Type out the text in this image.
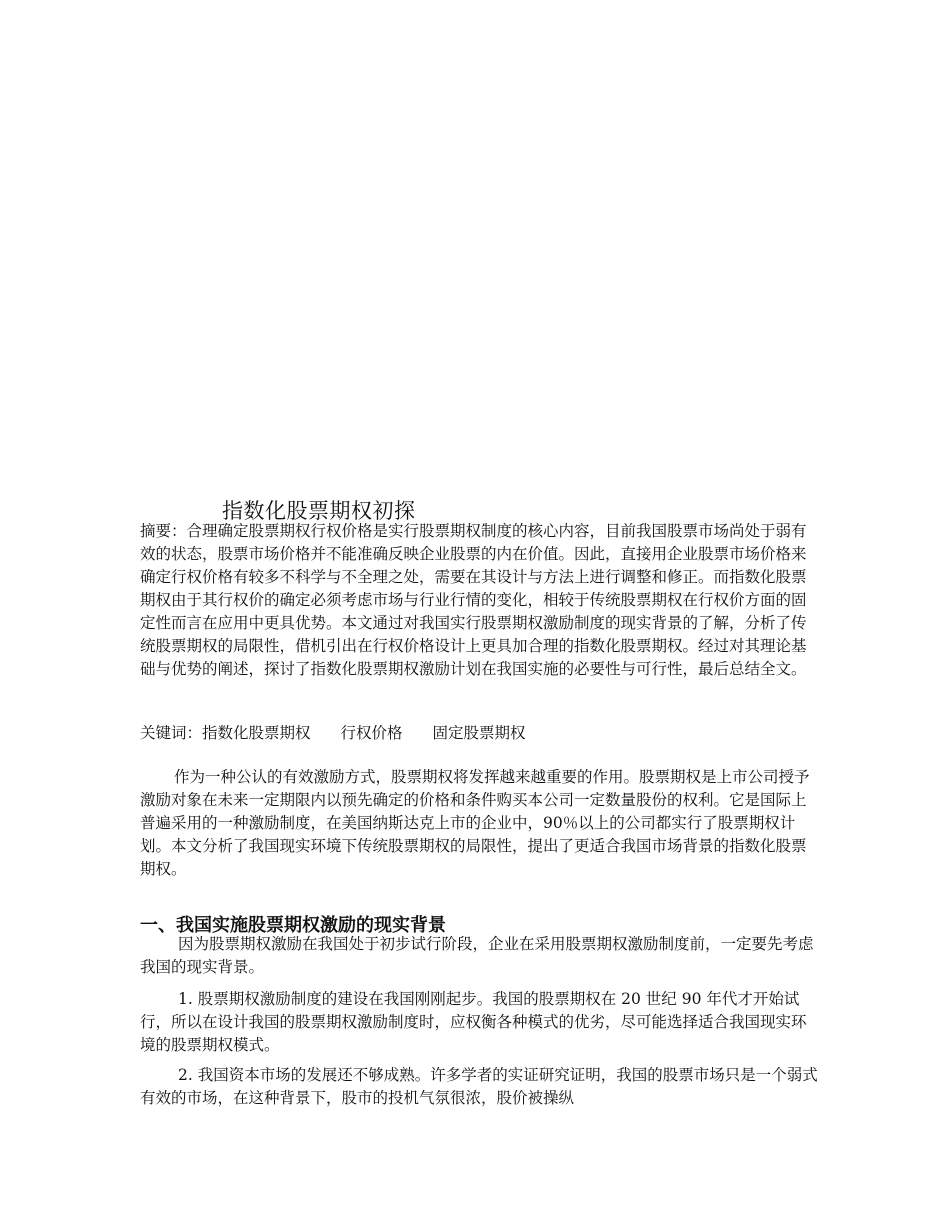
指数化股票期权初探

摘要：合理确定股票期权行权价格是实行股票期权制度的核心内容，目前我国股票市场尚处于弱有效的状态，股票市场价格并不能准确反映企业股票的内在价值。因此，直接用企业股票市场价格来确定行权价格有较多不科学与不全理之处，需要在其设计与方法上进行调整和修正。而指数化股票期权由于其行权价的确定必须考虑市场与行业行情的变化，相较于传统股票期权在行权价方面的固定性而言在应用中更具优势。本文通过对我国实行股票期权激励制度的现实背景的了解，分析了传统股票期权的局限性，借机引出在行权价格设计上更具加合理的指数化股票期权。经过对其理论基础与优势的阐述，探讨了指数化股票期权激励计划在我国实施的必要性与可行性，最后总结全文。

关键词：指数化股票期权 行权价格 固定股票期权

作为一种公认的有效激励方式，股票期权将发挥越来越重要的作用。股票期权是上市公司授予激励对象在未来一定期限内以预先确定的价格和条件购买本公司一定数量股份的权利。它是国际上普遍采用的一种激励制度，在美国纳斯达克上市的企业中，90％以上的公司都实行了股票期权计划。本文分析了我国现实环境下传统股票期权的局限性，提出了更适合我国市场背景的指数化股票期权。

一、我国实施股票期权激励的现实背景

因为股票期权激励在我国处于初步试行阶段，企业在采用股票期权激励制度前，一定要先考虑我国的现实背景。

1. 股票期权激励制度的建设在我国刚刚起步。我国的股票期权在 20 世纪 90 年代才开始试行，所以在设计我国的股票期权激励制度时，应权衡各种模式的优劣，尽可能选择适合我国现实环境的股票期权模式。

2. 我国资本市场的发展还不够成熟。许多学者的实证研究证明，我国的股票市场只是一个弱式有效的市场，在这种背景下，股市的投机气氛很浓，股价被操纵
